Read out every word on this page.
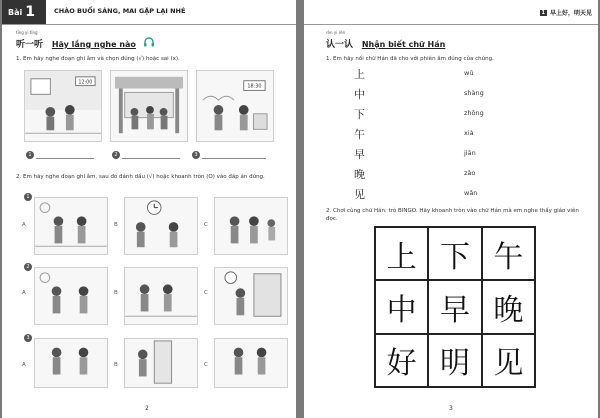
Bài 1	CHÀO BUỔI SÁNG, MAI GẶP LẠI NHÉ
tīng yi tīng
听一听 Hãy lắng nghe nào
1. Em hãy nghe đoạn ghi âm và chọn đúng (√) hoặc sai (x).
12:00
18:30
1	2	3
2. Em hãy nghe đoạn ghi âm, sau đó đánh dấu (√) hoặc khoanh tròn (O) vào đáp án đúng.
1
A	B	C
2
A	B	C
3
A	B	C
2
1 早上好，明天见
rèn yi rèn
认一认 Nhận biết chữ Hán
1. Em hãy nối chữ Hán đã cho với phiên âm đúng của chúng.
上	wǔ
中	shàng
下	zhōng
午	xià
早	jiān
晚	zǎo
见	wǎn
2. Chơi cùng chữ Hán: trò BINGO. Hãy khoanh tròn vào chữ Hán mà em nghe thấy giáo viên đọc.
上 下 午
中 早 晚
好 明 见
3
